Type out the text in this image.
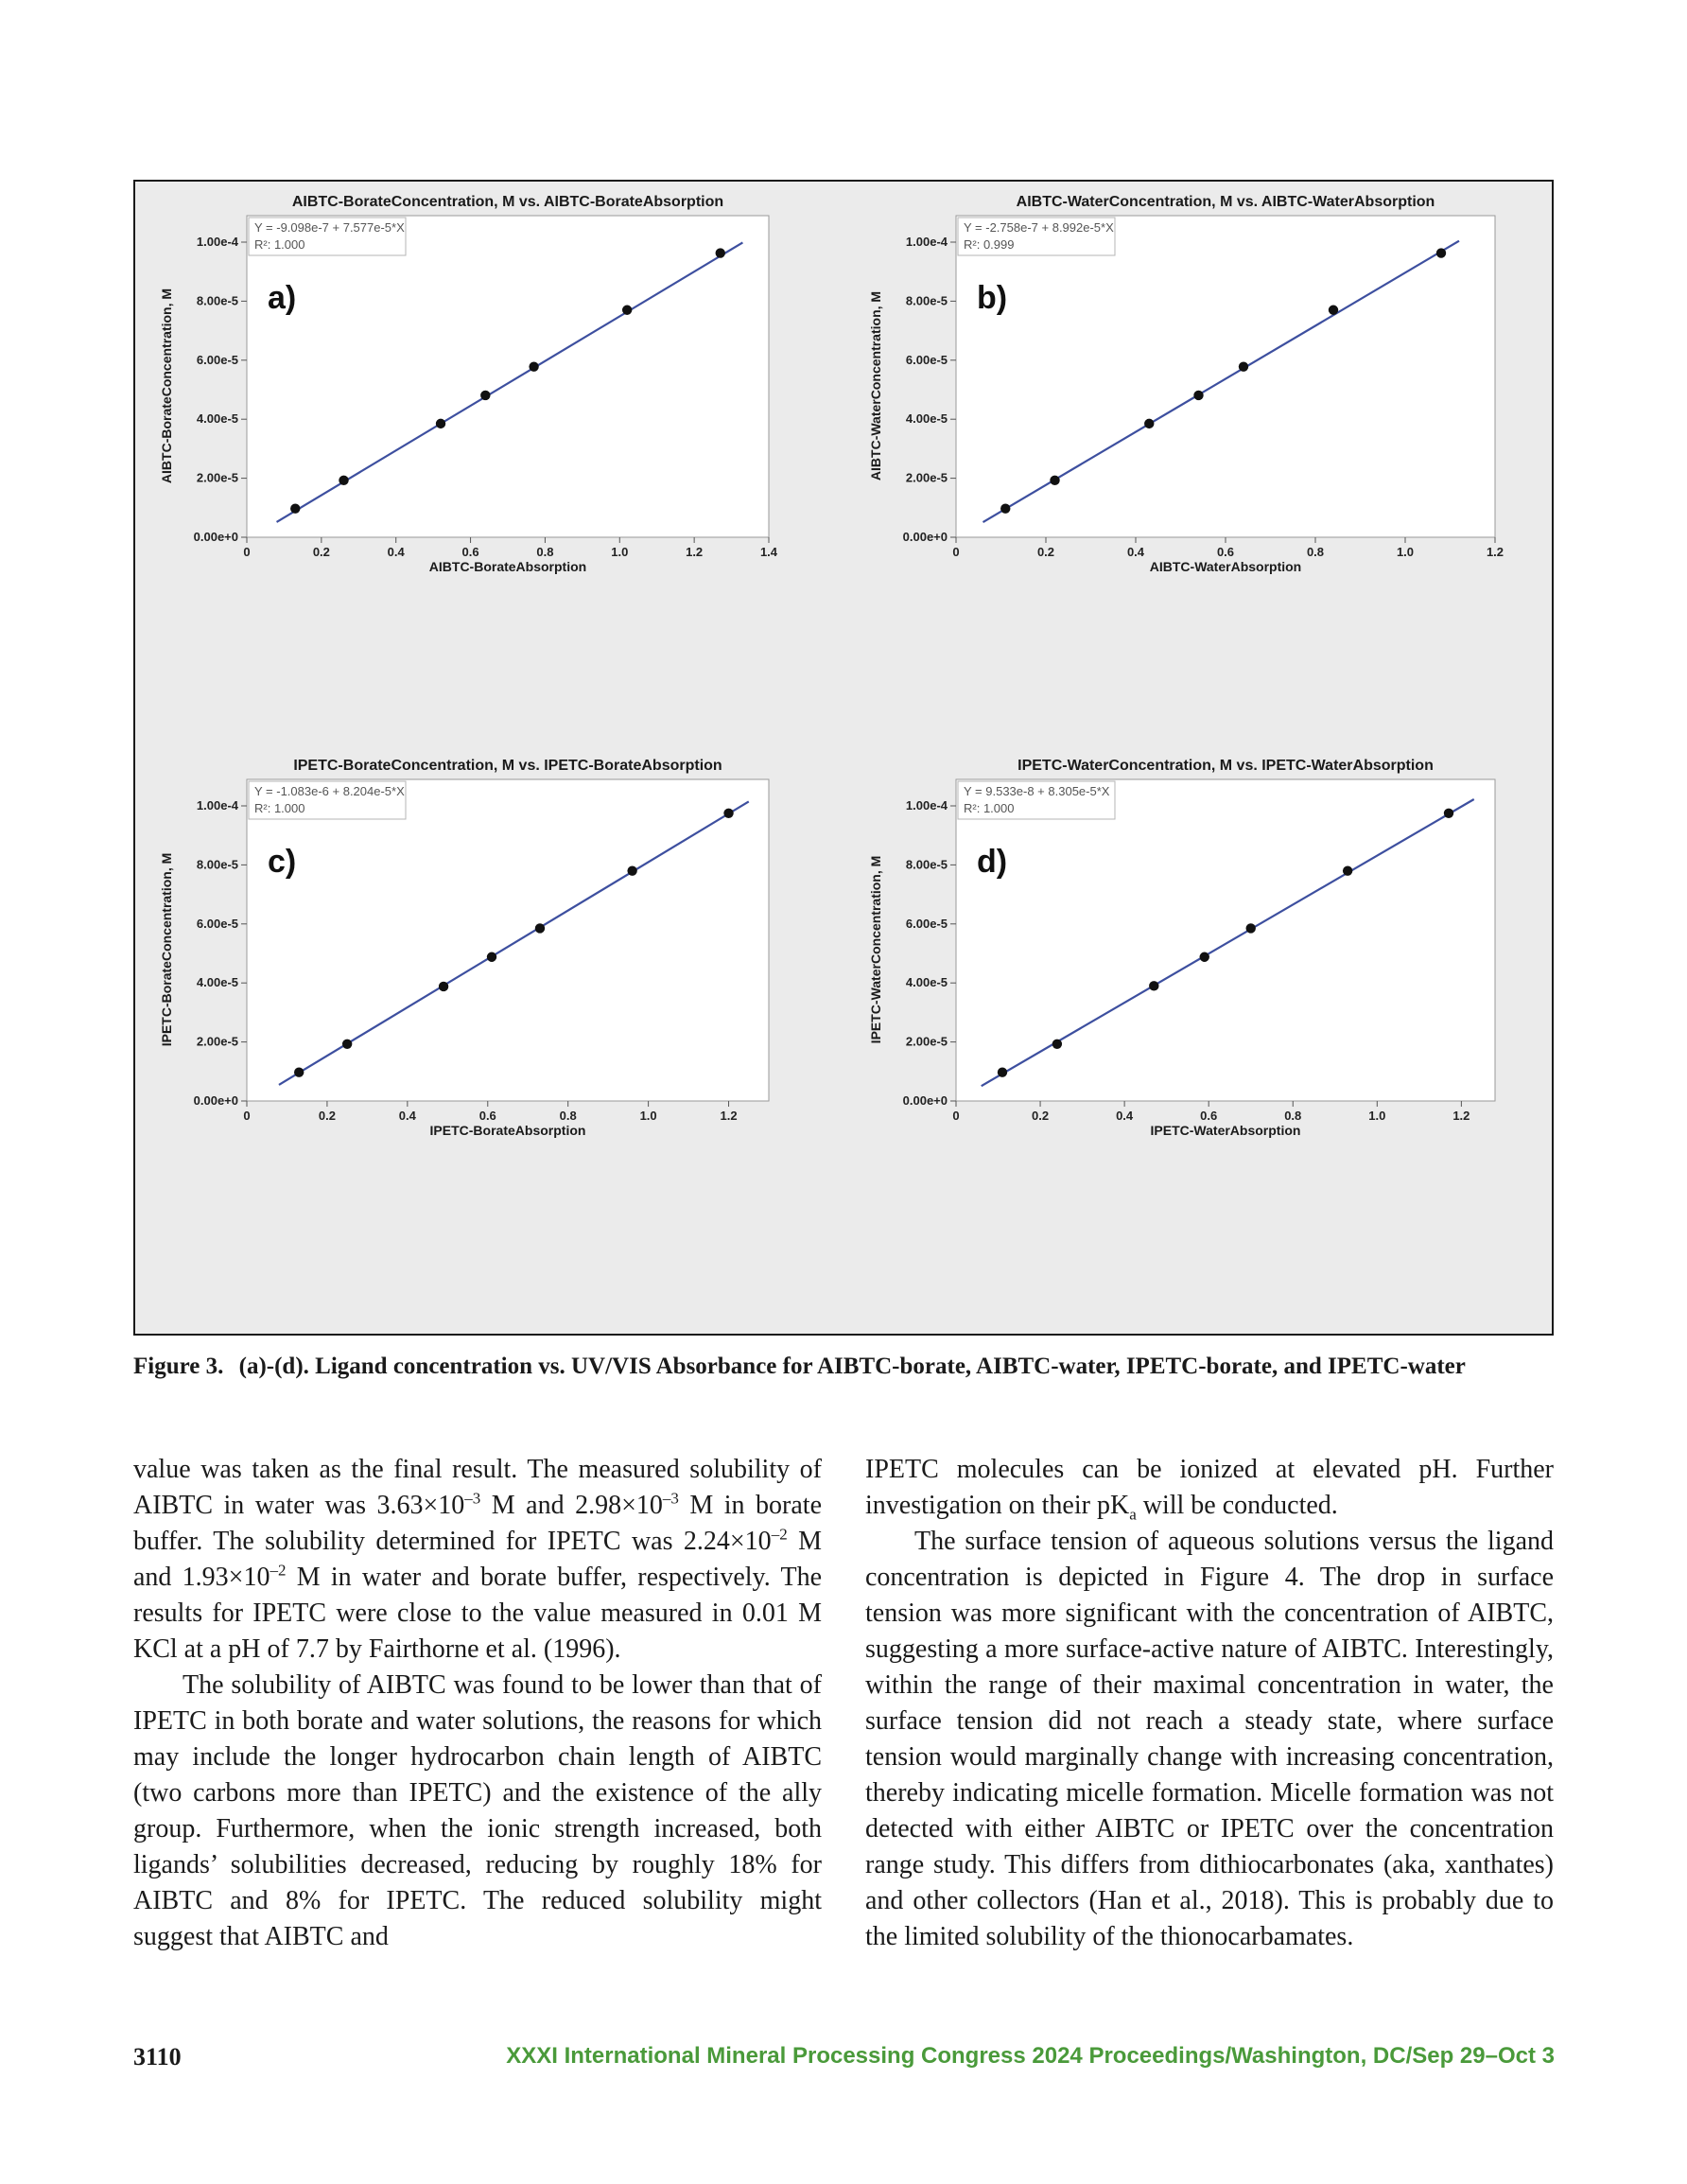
AIBTC-BorateConcentration, M vs. AIBTC-BorateAbsorption
Y = -9.098e-7 + 7.577e-5*X
R²: 1.000
a)
0.00e+0
2.00e-5
4.00e-5
6.00e-5
8.00e-5
1.00e-4
0	0.2	0.4	0.6	0.8	1.0	1.2	1.4
AIBTC-BorateAbsorption
AIBTC-BorateConcentration, M
AIBTC-WaterConcentration, M vs. AIBTC-WaterAbsorption
Y = -2.758e-7 + 8.992e-5*X
R²: 0.999
b)
0.00e+0
2.00e-5
4.00e-5
6.00e-5
8.00e-5
1.00e-4
0	0.2	0.4	0.6	0.8	1.0	1.2
AIBTC-WaterAbsorption
AIBTC-WaterConcentration, M
IPETC-BorateConcentration, M vs. IPETC-BorateAbsorption
Y = -1.083e-6 + 8.204e-5*X
R²: 1.000
c)
0.00e+0
2.00e-5
4.00e-5
6.00e-5
8.00e-5
1.00e-4
0	0.2	0.4	0.6	0.8	1.0	1.2
IPETC-BorateAbsorption
IPETC-BorateConcentration, M
IPETC-WaterConcentration, M vs. IPETC-WaterAbsorption
Y = 9.533e-8 + 8.305e-5*X
R²: 1.000
d)
0.00e+0
2.00e-5
4.00e-5
6.00e-5
8.00e-5
1.00e-4
0	0.2	0.4	0.6	0.8	1.0	1.2
IPETC-WaterAbsorption
IPETC-WaterConcentration, M
Figure 3. (a)-(d). Ligand concentration vs. UV/VIS Absorbance for AIBTC-borate, AIBTC-water, IPETC-borate, and IPETC-water

value was taken as the final result. The measured solubility of AIBTC in water was $3.63\times 10^{-3}$ M and $2.98\times 10^{-3}$ M in borate buffer. The solubility determined for IPETC was $2.24\times 10^{-2}$ M and $1.93\times 10^{-2}$ M in water and borate buffer, respectively. The results for IPETC were close to the value measured in 0.01 M KCl at a pH of 7.7 by Fairthorne et al. (1996).

The solubility of AIBTC was found to be lower than that of IPETC in both borate and water solutions, the reasons for which may include the longer hydrocarbon chain length of AIBTC (two carbons more than IPETC) and the existence of the ally group. Furthermore, when the ionic strength increased, both ligands’ solubilities decreased, reducing by roughly 18% for AIBTC and 8% for IPETC. The reduced solubility might suggest that AIBTC and

IPETC molecules can be ionized at elevated pH. Further investigation on their $pK_a$ will be conducted.

The surface tension of aqueous solutions versus the ligand concentration is depicted in Figure 4. The drop in surface tension was more significant with the concentration of AIBTC, suggesting a more surface-active nature of AIBTC. Interestingly, within the range of their maximal concentration in water, the surface tension did not reach a steady state, where surface tension would marginally change with increasing concentration, thereby indicating micelle formation. Micelle formation was not detected with either AIBTC or IPETC over the concentration range study. This differs from dithiocarbonates (aka, xanthates) and other collectors (Han et al., 2018). This is probably due to the limited solubility of the thionocarbamates.

3110	XXXI International Mineral Processing Congress 2024 Proceedings/Washington, DC/Sep 29–Oct 3
